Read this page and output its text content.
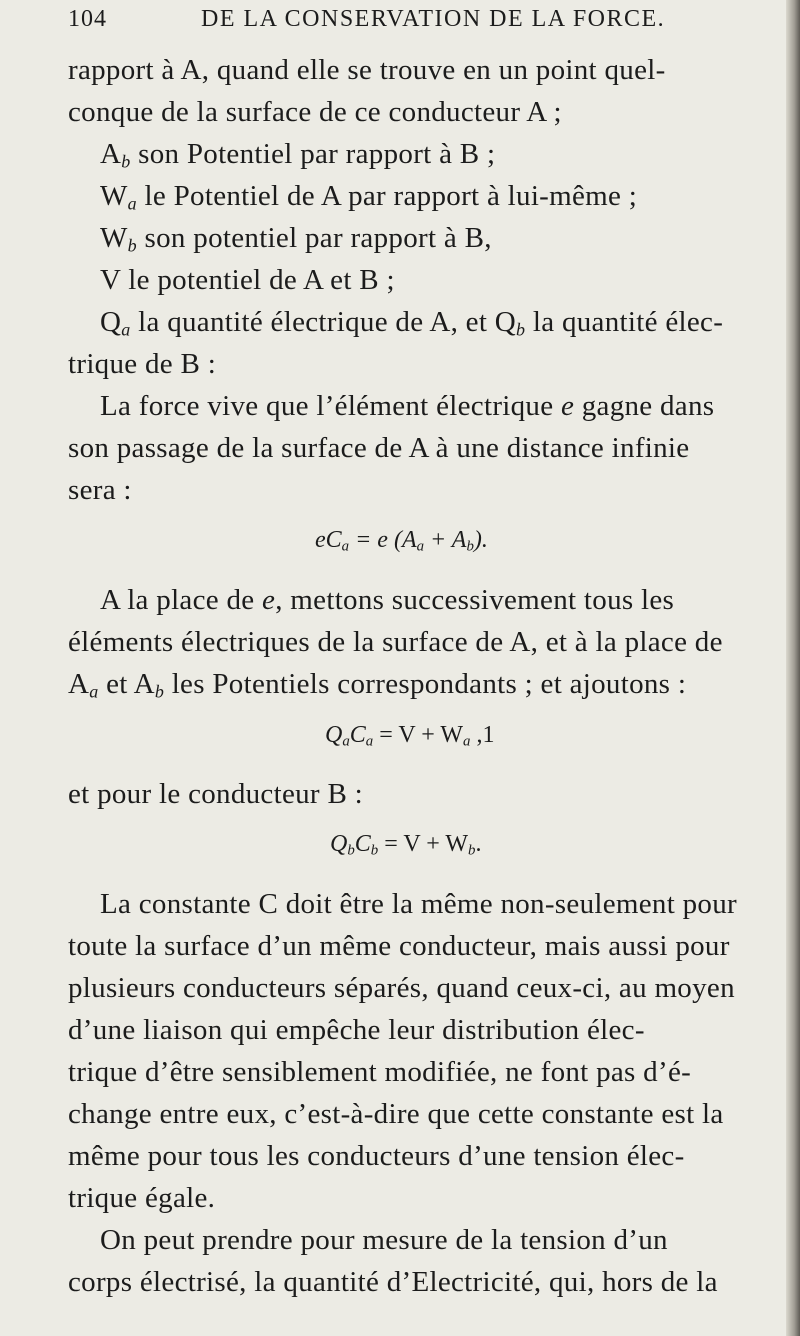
104	DE LA CONSERVATION DE LA FORCE.
rapport à A, quand elle se trouve en un point quel-
conque de la surface de ce conducteur A ;
$A_b$ son Potentiel par rapport à B ;
$W_a$ le Potentiel de A par rapport à lui-même ;
$W_b$ son potentiel par rapport à B,
V le potentiel de A et B ;
$Q_a$ la quantité électrique de A, et $Q_b$ la quantité élec-
trique de B :
La force vive que l’élément électrique e gagne dans
son passage de la surface de A à une distance infinie
sera :
$eC_a = e$ $(A_a + A_b)$.
A la place de e, mettons successivement tous les
éléments électriques de la surface de A, et à la place de
$A_a$ et $A_b$ les Potentiels correspondants ; et ajoutons :
$Q_aC_a = V + W_a$ ,1
et pour le conducteur B :
$Q_bC_b = V + W_b$.
La constante C doit être la même non-seulement pour
toute la surface d’un même conducteur, mais aussi pour
plusieurs conducteurs séparés, quand ceux-ci, au moyen
d’une liaison qui empêche leur distribution élec-
trique d’être sensiblement modifiée, ne font pas d’é-
change entre eux, c’est-à-dire que cette constante est la
même pour tous les conducteurs d’une tension élec-
trique égale.
On peut prendre pour mesure de la tension d’un
corps électrisé, la quantité d’Electricité, qui, hors de la
